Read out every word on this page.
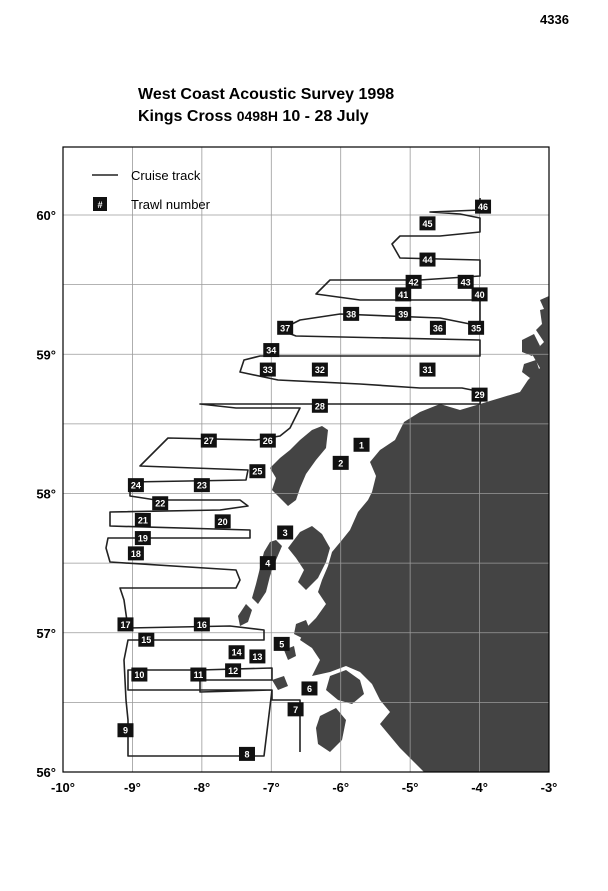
4336
West Coast Acoustic Survey 1998
Kings Cross 0498H 10 - 28 July
-10°	-9°	-8°	-7°	-6°	-5°	-4°	-3°
56°
57°
58°
59°
60°
1
2
3
4
5
6
7
8
9
10	11	12
13
14
15
16
17
18
19
20
21
22
23
24
25
26
27
28
29
31
32
33
34
35
36
37
38	39
40
41
42	43
44
45
46
Cruise track
# Trawl number
